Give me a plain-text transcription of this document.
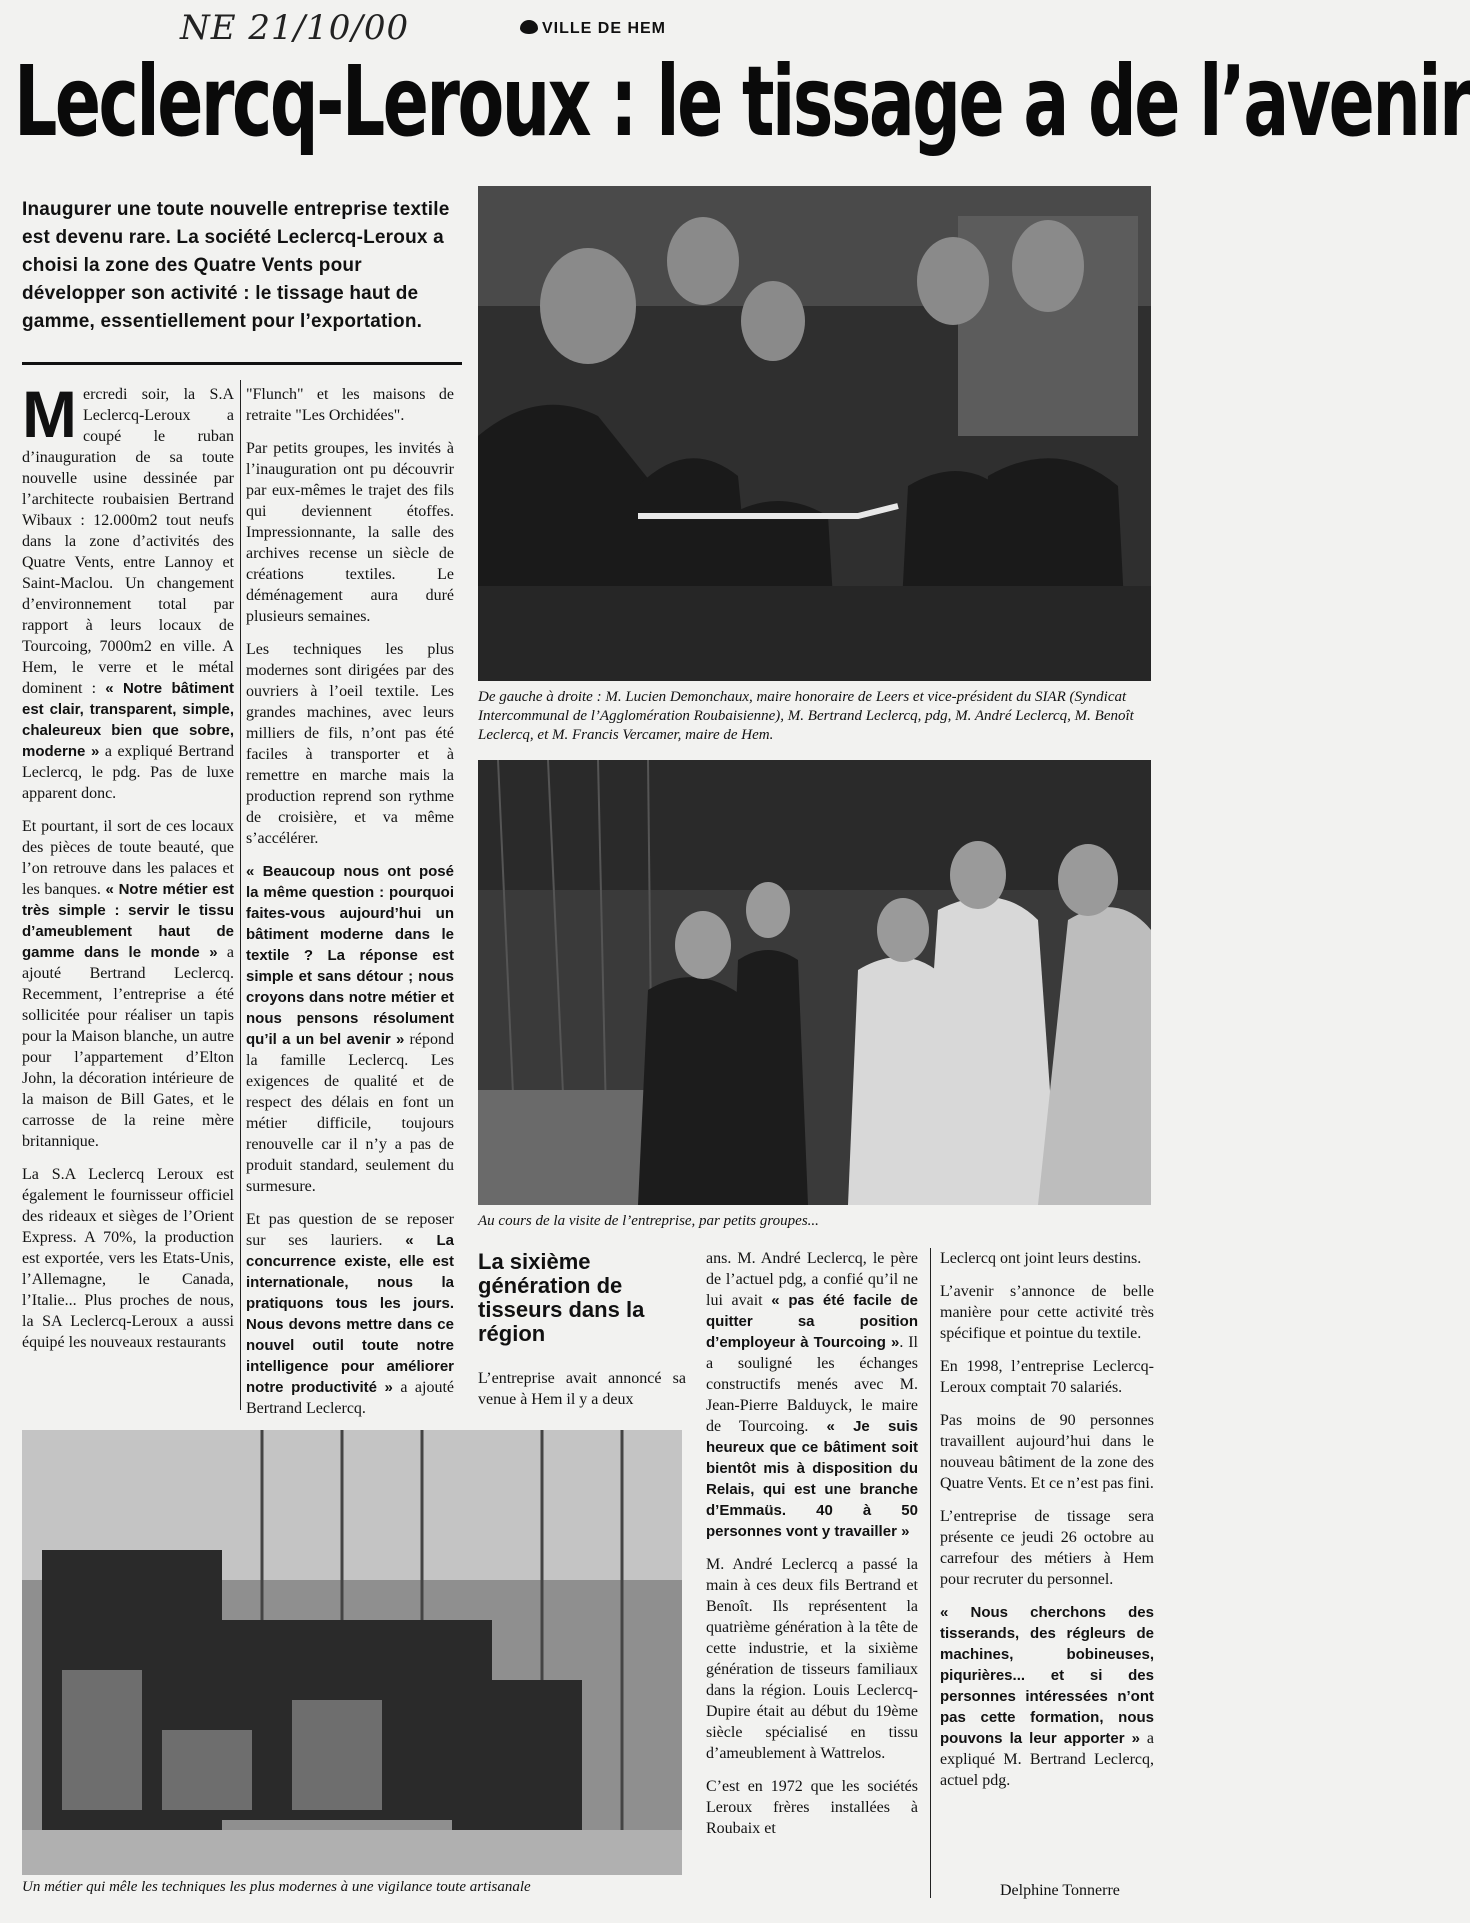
NE 21/10/00	VILLE DE HEM
Leclercq-Leroux : le tissage a de l’avenir
Inaugurer une toute nouvelle entreprise textile est devenu rare. La société Leclercq-Leroux a choisi la zone des Quatre Vents pour développer son activité : le tissage haut de gamme, essentiellement pour l’exportation.

Mercredi soir, la S.A Leclercq-Leroux a coupé le ruban d’inauguration de sa toute nouvelle usine dessinée par l’architecte roubaisien Bertrand Wibaux : 12.000m2 tout neufs dans la zone d’activités des Quatre Vents, entre Lannoy et Saint-Maclou. Un changement d’environnement total par rapport à leurs locaux de Tourcoing, 7000m2 en ville. A Hem, le verre et le métal dominent : « Notre bâtiment est clair, transparent, simple, chaleureux bien que sobre, moderne » a expliqué Bertrand Leclercq, le pdg. Pas de luxe apparent donc.

Et pourtant, il sort de ces locaux des pièces de toute beauté, que l’on retrouve dans les palaces et les banques. « Notre métier est très simple : servir le tissu d’ameublement haut de gamme dans le monde » a ajouté Bertrand Leclercq. Recemment, l’entreprise a été sollicitée pour réaliser un tapis pour la Maison blanche, un autre pour l’appartement d’Elton John, la décoration intérieure de la maison de Bill Gates, et le carrosse de la reine mère britannique.

La S.A Leclercq Leroux est également le fournisseur officiel des rideaux et sièges de l’Orient Express. A 70%, la production est exportée, vers les Etats-Unis, l’Allemagne, le Canada, l’Italie... Plus proches de nous, la SA Leclercq-Leroux a aussi équipé les nouveaux restaurants

"Flunch" et les maisons de retraite "Les Orchidées".

Par petits groupes, les invités à l’inauguration ont pu découvrir par eux-mêmes le trajet des fils qui deviennent étoffes. Impressionnante, la salle des archives recense un siècle de créations textiles. Le déménagement aura duré plusieurs semaines.

Les techniques les plus modernes sont dirigées par des ouvriers à l’oeil textile. Les grandes machines, avec leurs milliers de fils, n’ont pas été faciles à transporter et à remettre en marche mais la production reprend son rythme de croisière, et va même s’accélérer.

« Beaucoup nous ont posé la même question : pourquoi faites-vous aujourd’hui un bâtiment moderne dans le textile ? La réponse est simple et sans détour ; nous croyons dans notre métier et nous pensons résolument qu’il a un bel avenir » répond la famille Leclercq. Les exigences de qualité et de respect des délais en font un métier difficile, toujours renouvelle car il n’y a pas de produit standard, seulement du surmesure.

Et pas question de se reposer sur ses lauriers. « La concurrence existe, elle est internationale, nous la pratiquons tous les jours. Nous devons mettre dans ce nouvel outil toute notre intelligence pour améliorer notre productivité » a ajouté Bertrand Leclercq.

De gauche à droite : M. Lucien Demonchaux, maire honoraire de Leers et vice-président du SIAR (Syndicat Intercommunal de l’Agglomération Roubaisienne), M. Bertrand Leclercq, pdg, M. André Leclercq, M. Benoît Leclercq, et M. Francis Vercamer, maire de Hem.
Au cours de la visite de l’entreprise, par petits groupes...
La sixième génération de tisseurs dans la région

L’entreprise avait annoncé sa venue à Hem il y a deux

ans. M. André Leclercq, le père de l’actuel pdg, a confié qu’il ne lui avait « pas été facile de quitter sa position d’employeur à Tourcoing ». Il a souligné les échanges constructifs menés avec M. Jean-Pierre Balduyck, le maire de Tourcoing. « Je suis heureux que ce bâtiment soit bientôt mis à disposition du Relais, qui est une branche d’Emmaüs. 40 à 50 personnes vont y travailler »

M. André Leclercq a passé la main à ces deux fils Bertrand et Benoît. Ils représentent la quatrième génération à la tête de cette industrie, et la sixième génération de tisseurs familiaux dans la région. Louis Leclercq-Dupire était au début du 19ème siècle spécialisé en tissu d’ameublement à Wattrelos.

C’est en 1972 que les sociétés Leroux frères installées à Roubaix et

Leclercq ont joint leurs destins.

L’avenir s’annonce de belle manière pour cette activité très spécifique et pointue du textile.

En 1998, l’entreprise Leclercq-Leroux comptait 70 salariés.

Pas moins de 90 personnes travaillent aujourd’hui dans le nouveau bâtiment de la zone des Quatre Vents. Et ce n’est pas fini.

L’entreprise de tissage sera présente ce jeudi 26 octobre au carrefour des métiers à Hem pour recruter du personnel.

« Nous cherchons des tisserands, des régleurs de machines, bobineuses, piqurières... et si des personnes intéressées n’ont pas cette formation, nous pouvons la leur apporter » a expliqué M. Bertrand Leclercq, actuel pdg.

Delphine Tonnerre
Un métier qui mêle les techniques les plus modernes à une vigilance toute artisanale
